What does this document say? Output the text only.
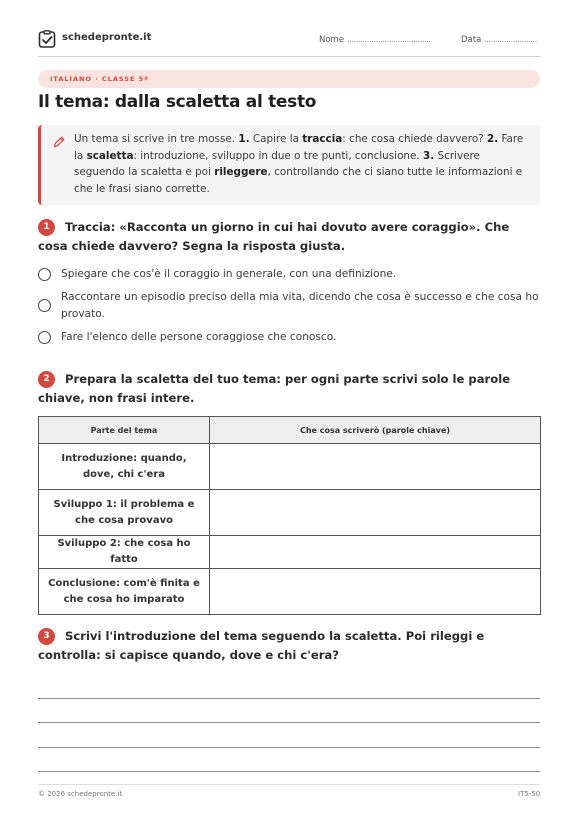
schedepronte.it	Nome ......................................	Data ........................
ITALIANO · CLASSE 5ª
Il tema: dalla scaletta al testo
Un tema si scrive in tre mosse. 1. Capire la traccia: che cosa chiede davvero? 2. Fare la scaletta: introduzione, sviluppo in due o tre punti, conclusione. 3. Scrivere seguendo la scaletta e poi rileggere, controllando che ci siano tutte le informazioni e che le frasi siano corrette.
1	Traccia: «Racconta un giorno in cui hai dovuto avere coraggio». Che cosa chiede davvero? Segna la risposta giusta.
Spiegare che cos'è il coraggio in generale, con una definizione.
Raccontare un episodio preciso della mia vita, dicendo che cosa è successo e che cosa ho provato.
Fare l'elenco delle persone coraggiose che conosco.
2	Prepara la scaletta del tuo tema: per ogni parte scrivi solo le parole chiave, non frasi intere.
Parte del tema	Che cosa scriverò (parole chiave)
Introduzione: quando, dove, chi c'era	
Sviluppo 1: il problema e che cosa provavo	
Sviluppo 2: che cosa ho fatto	
Conclusione: com'è finita e che cosa ho imparato	
3	Scrivi l'introduzione del tema seguendo la scaletta. Poi rileggi e controlla: si capisce quando, dove e chi c'era?
© 2026 schedepronte.it	IT5-50
